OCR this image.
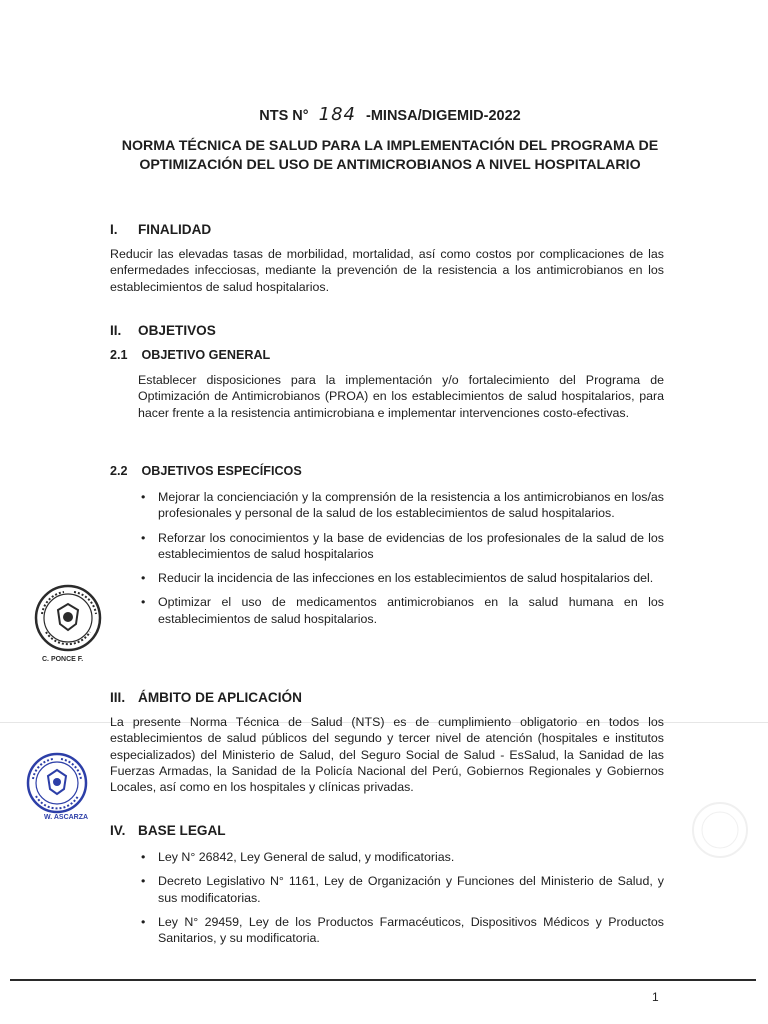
NTS N° 184 -MINSA/DIGEMID-2022
NORMA TÉCNICA DE SALUD PARA LA IMPLEMENTACIÓN DEL PROGRAMA DE OPTIMIZACIÓN DEL USO DE ANTIMICROBIANOS A NIVEL HOSPITALARIO
I.	FINALIDAD
Reducir las elevadas tasas de morbilidad, mortalidad, así como costos por complicaciones de las enfermedades infecciosas, mediante la prevención de la resistencia a los antimicrobianos en los establecimientos de salud hospitalarios.
II.	OBJETIVOS
2.1 OBJETIVO GENERAL
Establecer disposiciones para la implementación y/o fortalecimiento del Programa de Optimización de Antimicrobianos (PROA) en los establecimientos de salud hospitalarios, para hacer frente a la resistencia antimicrobiana e implementar intervenciones costo-efectivas.
2.2 OBJETIVOS ESPECÍFICOS
• Mejorar la concienciación y la comprensión de la resistencia a los antimicrobianos en los/as profesionales y personal de la salud de los establecimientos de salud hospitalarios.
• Reforzar los conocimientos y la base de evidencias de los profesionales de la salud de los establecimientos de salud hospitalarios
• Reducir la incidencia de las infecciones en los establecimientos de salud hospitalarios del.
• Optimizar el uso de medicamentos antimicrobianos en la salud humana en los establecimientos de salud hospitalarios.
III. ÁMBITO DE APLICACIÓN
La presente Norma Técnica de Salud (NTS) es de cumplimiento obligatorio en todos los establecimientos de salud públicos del segundo y tercer nivel de atención (hospitales e institutos especializados) del Ministerio de Salud, del Seguro Social de Salud - EsSalud, la Sanidad de las Fuerzas Armadas, la Sanidad de la Policía Nacional del Perú, Gobiernos Regionales y Gobiernos Locales, así como en los hospitales y clínicas privadas.
IV. BASE LEGAL
• Ley N° 26842, Ley General de salud, y modificatorias.
• Decreto Legislativo N° 1161, Ley de Organización y Funciones del Ministerio de Salud, y sus modificatorias.
• Ley N° 29459, Ley de los Productos Farmacéuticos, Dispositivos Médicos y Productos Sanitarios, y su modificatoria.
C. PONCE F.
W. ASCARZA
1
